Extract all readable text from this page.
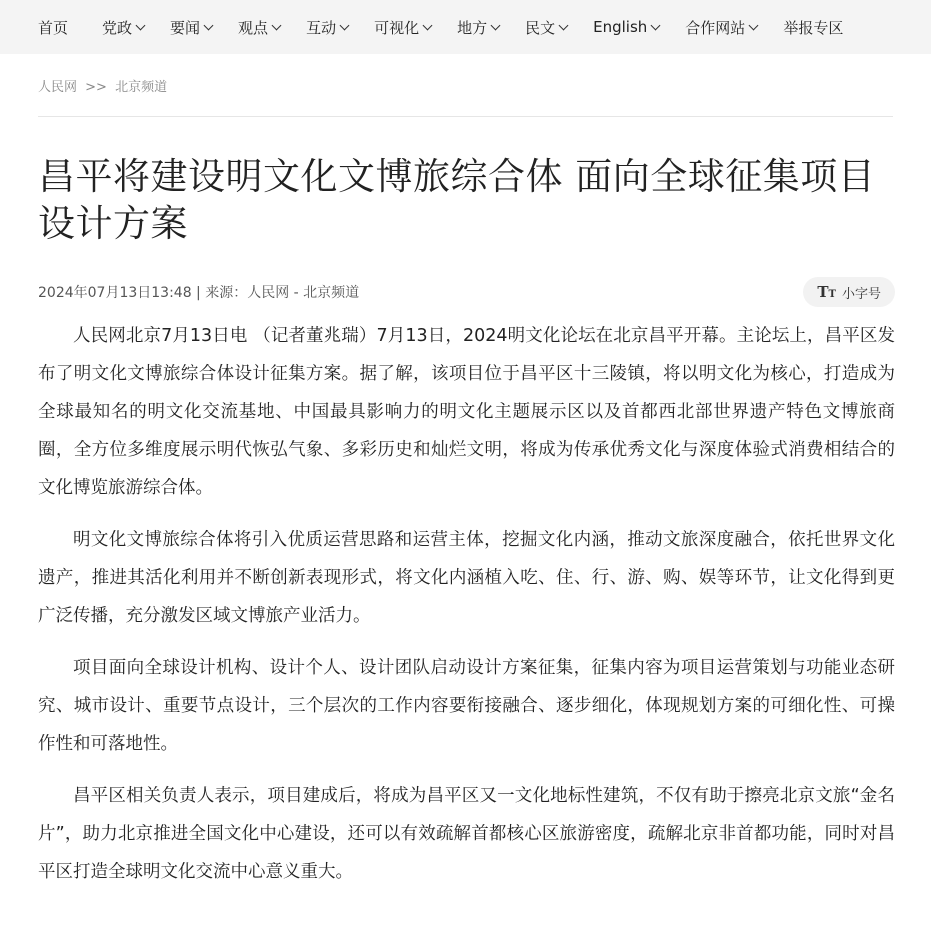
首页 党政	要闻	观点	互动	可视化	地方	民文	English	合作网站	举报专区
人民网 >> 北京频道
昌平将建设明文化文博旅综合体 面向全球征集项目设计方案
2024年07月13日13:48 | 来源：人民网 - 北京频道	TT 小字号

人民网北京7月13日电 （记者董兆瑞）7月13日，2024明文化论坛在北京昌平开幕。主论坛上，昌平区发布了明文化文博旅综合体设计征集方案。据了解，该项目位于昌平区十三陵镇，将以明文化为核心，打造成为全球最知名的明文化交流基地、中国最具影响力的明文化主题展示区以及首都西北部世界遗产特色文博旅商圈，全方位多维度展示明代恢弘气象、多彩历史和灿烂文明，将成为传承优秀文化与深度体验式消费相结合的文化博览旅游综合体。

明文化文博旅综合体将引入优质运营思路和运营主体，挖掘文化内涵，推动文旅深度融合，依托世界文化遗产，推进其活化利用并不断创新表现形式，将文化内涵植入吃、住、行、游、购、娱等环节，让文化得到更广泛传播，充分激发区域文博旅产业活力。

项目面向全球设计机构、设计个人、设计团队启动设计方案征集，征集内容为项目运营策划与功能业态研究、城市设计、重要节点设计，三个层次的工作内容要衔接融合、逐步细化，体现规划方案的可细化性、可操作性和可落地性。

昌平区相关负责人表示，项目建成后，将成为昌平区又一文化地标性建筑，不仅有助于擦亮北京文旅“金名片”，助力北京推进全国文化中心建设，还可以有效疏解首都核心区旅游密度，疏解北京非首都功能，同时对昌平区打造全球明文化交流中心意义重大。
